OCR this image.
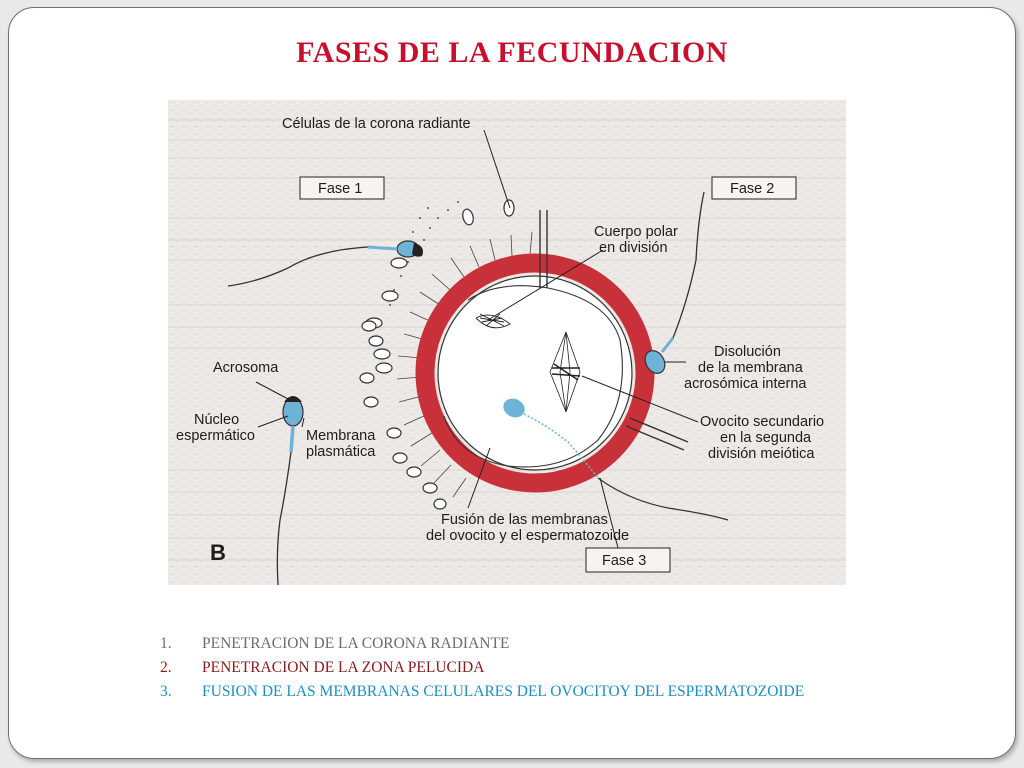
FASES DE LA FECUNDACION
Células de la corona radiante
Fase 1	Fase 2
Cuerpo polar
en división
Disolución
de la membrana
acrosómica interna
Acrosoma
Núcleo
espermático	Membrana
plasmática
Ovocito secundario
en la segunda
división meiótica
Fusión de las membranas
del ovocito y el espermatozoide
Fase 3
B
1. PENETRACION DE LA CORONA RADIANTE
2. PENETRACION DE LA ZONA PELUCIDA
3. FUSION DE LAS MEMBRANAS CELULARES DEL OVOCITOY DEL ESPERMATOZOIDE
